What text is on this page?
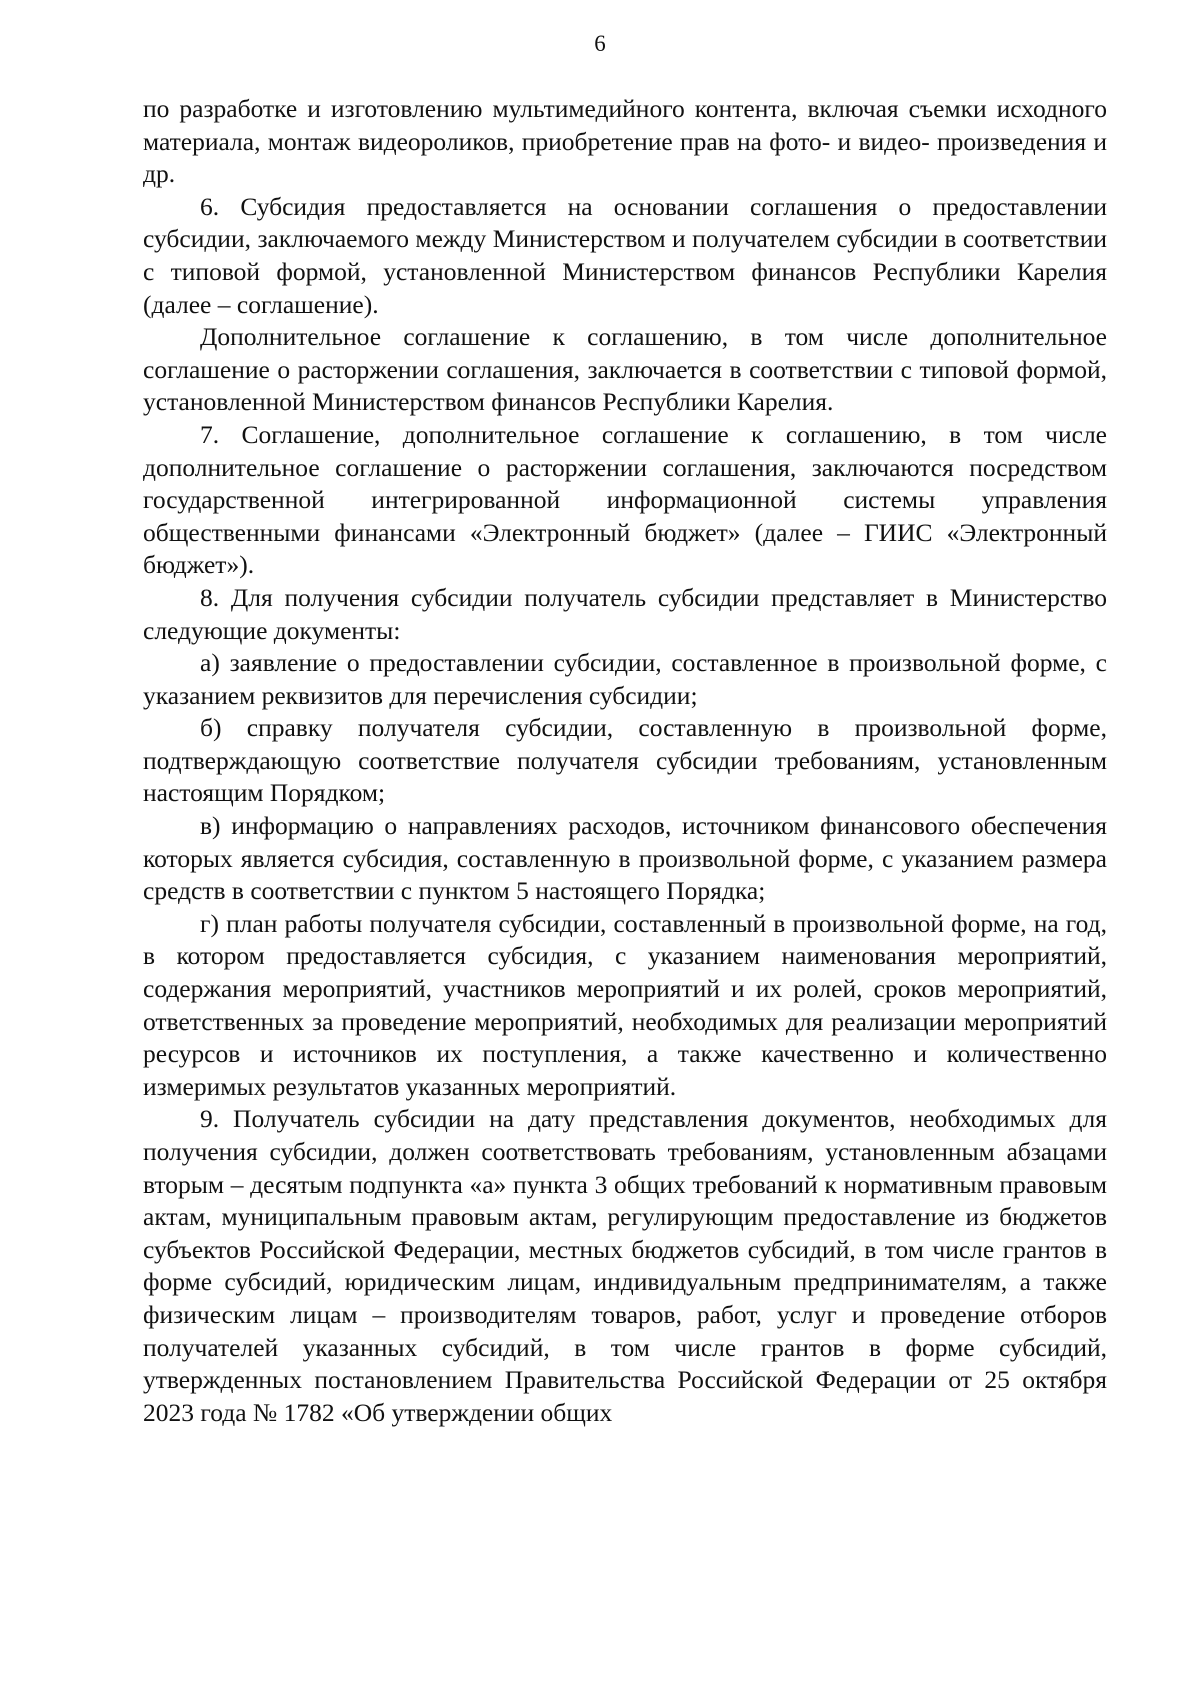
6

по разработке и изготовлению мультимедийного контента, включая съемки исходного материала, монтаж видеороликов, приобретение прав на фото- и видео- произведения и др.

6. Субсидия предоставляется на основании соглашения о предоставлении субсидии, заключаемого между Министерством и получателем субсидии в соответствии с типовой формой, установленной Министерством финансов Республики Карелия (далее – соглашение).

Дополнительное соглашение к соглашению, в том числе дополнительное соглашение о расторжении соглашения, заключается в соответствии с типовой формой, установленной Министерством финансов Республики Карелия.

7. Соглашение, дополнительное соглашение к соглашению, в том числе дополнительное соглашение о расторжении соглашения, заключаются посредством государственной интегрированной информационной системы управления общественными финансами «Электронный бюджет» (далее – ГИИС «Электронный бюджет»).

8. Для получения субсидии получатель субсидии представляет в Министерство следующие документы:

а) заявление о предоставлении субсидии, составленное в произвольной форме, с указанием реквизитов для перечисления субсидии;

б) справку получателя субсидии, составленную в произвольной форме, подтверждающую соответствие получателя субсидии требованиям, установленным настоящим Порядком;

в) информацию о направлениях расходов, источником финансового обеспечения которых является субсидия, составленную в произвольной форме, с указанием размера средств в соответствии с пунктом 5 настоящего Порядка;

г) план работы получателя субсидии, составленный в произвольной форме, на год, в котором предоставляется субсидия, с указанием наименования мероприятий, содержания мероприятий, участников мероприятий и их ролей, сроков мероприятий, ответственных за проведение мероприятий, необходимых для реализации мероприятий ресурсов и источников их поступления, а также качественно и количественно измеримых результатов указанных мероприятий.

9. Получатель субсидии на дату представления документов, необходимых для получения субсидии, должен соответствовать требованиям, установленным абзацами вторым – десятым подпункта «а» пункта 3 общих требований к нормативным правовым актам, муниципальным правовым актам, регулирующим предоставление из бюджетов субъектов Российской Федерации, местных бюджетов субсидий, в том числе грантов в форме субсидий, юридическим лицам, индивидуальным предпринимателям, а также физическим лицам – производителям товаров, работ, услуг и проведение отборов получателей указанных субсидий, в том числе грантов в форме субсидий, утвержденных постановлением Правительства Российской Федерации от 25 октября 2023 года № 1782 «Об утверждении общих
